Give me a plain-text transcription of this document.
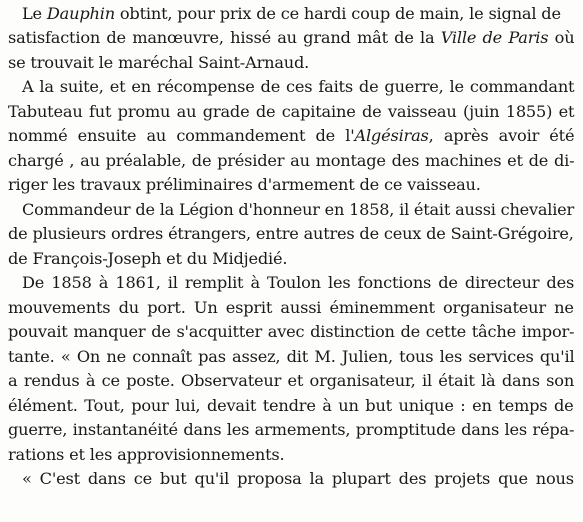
Le Dauphin obtint, pour prix de ce hardi coup de main, le signal de
satisfaction de manœuvre, hissé au grand mât de la Ville de Paris où
se trouvait le maréchal Saint-Arnaud.
A la suite, et en récompense de ces faits de guerre, le commandant
Tabuteau fut promu au grade de capitaine de vaisseau (juin 1855) et
nommé ensuite au commandement de l'Algésiras, après avoir été
chargé , au préalable, de présider au montage des machines et de di-
riger les travaux préliminaires d'armement de ce vaisseau.
Commandeur de la Légion d'honneur en 1858, il était aussi chevalier
de plusieurs ordres étrangers, entre autres de ceux de Saint-Grégoire,
de François-Joseph et du Midjedié.
De 1858 à 1861, il remplit à Toulon les fonctions de directeur des
mouvements du port. Un esprit aussi éminemment organisateur ne
pouvait manquer de s'acquitter avec distinction de cette tâche impor-
tante. « On ne connaît pas assez, dit M. Julien, tous les services qu'il
a rendus à ce poste. Observateur et organisateur, il était là dans son
élément. Tout, pour lui, devait tendre à un but unique : en temps de
guerre, instantanéité dans les armements, promptitude dans les répa-
rations et les approvisionnements.
« C'est dans ce but qu'il proposa la plupart des projets que nous
